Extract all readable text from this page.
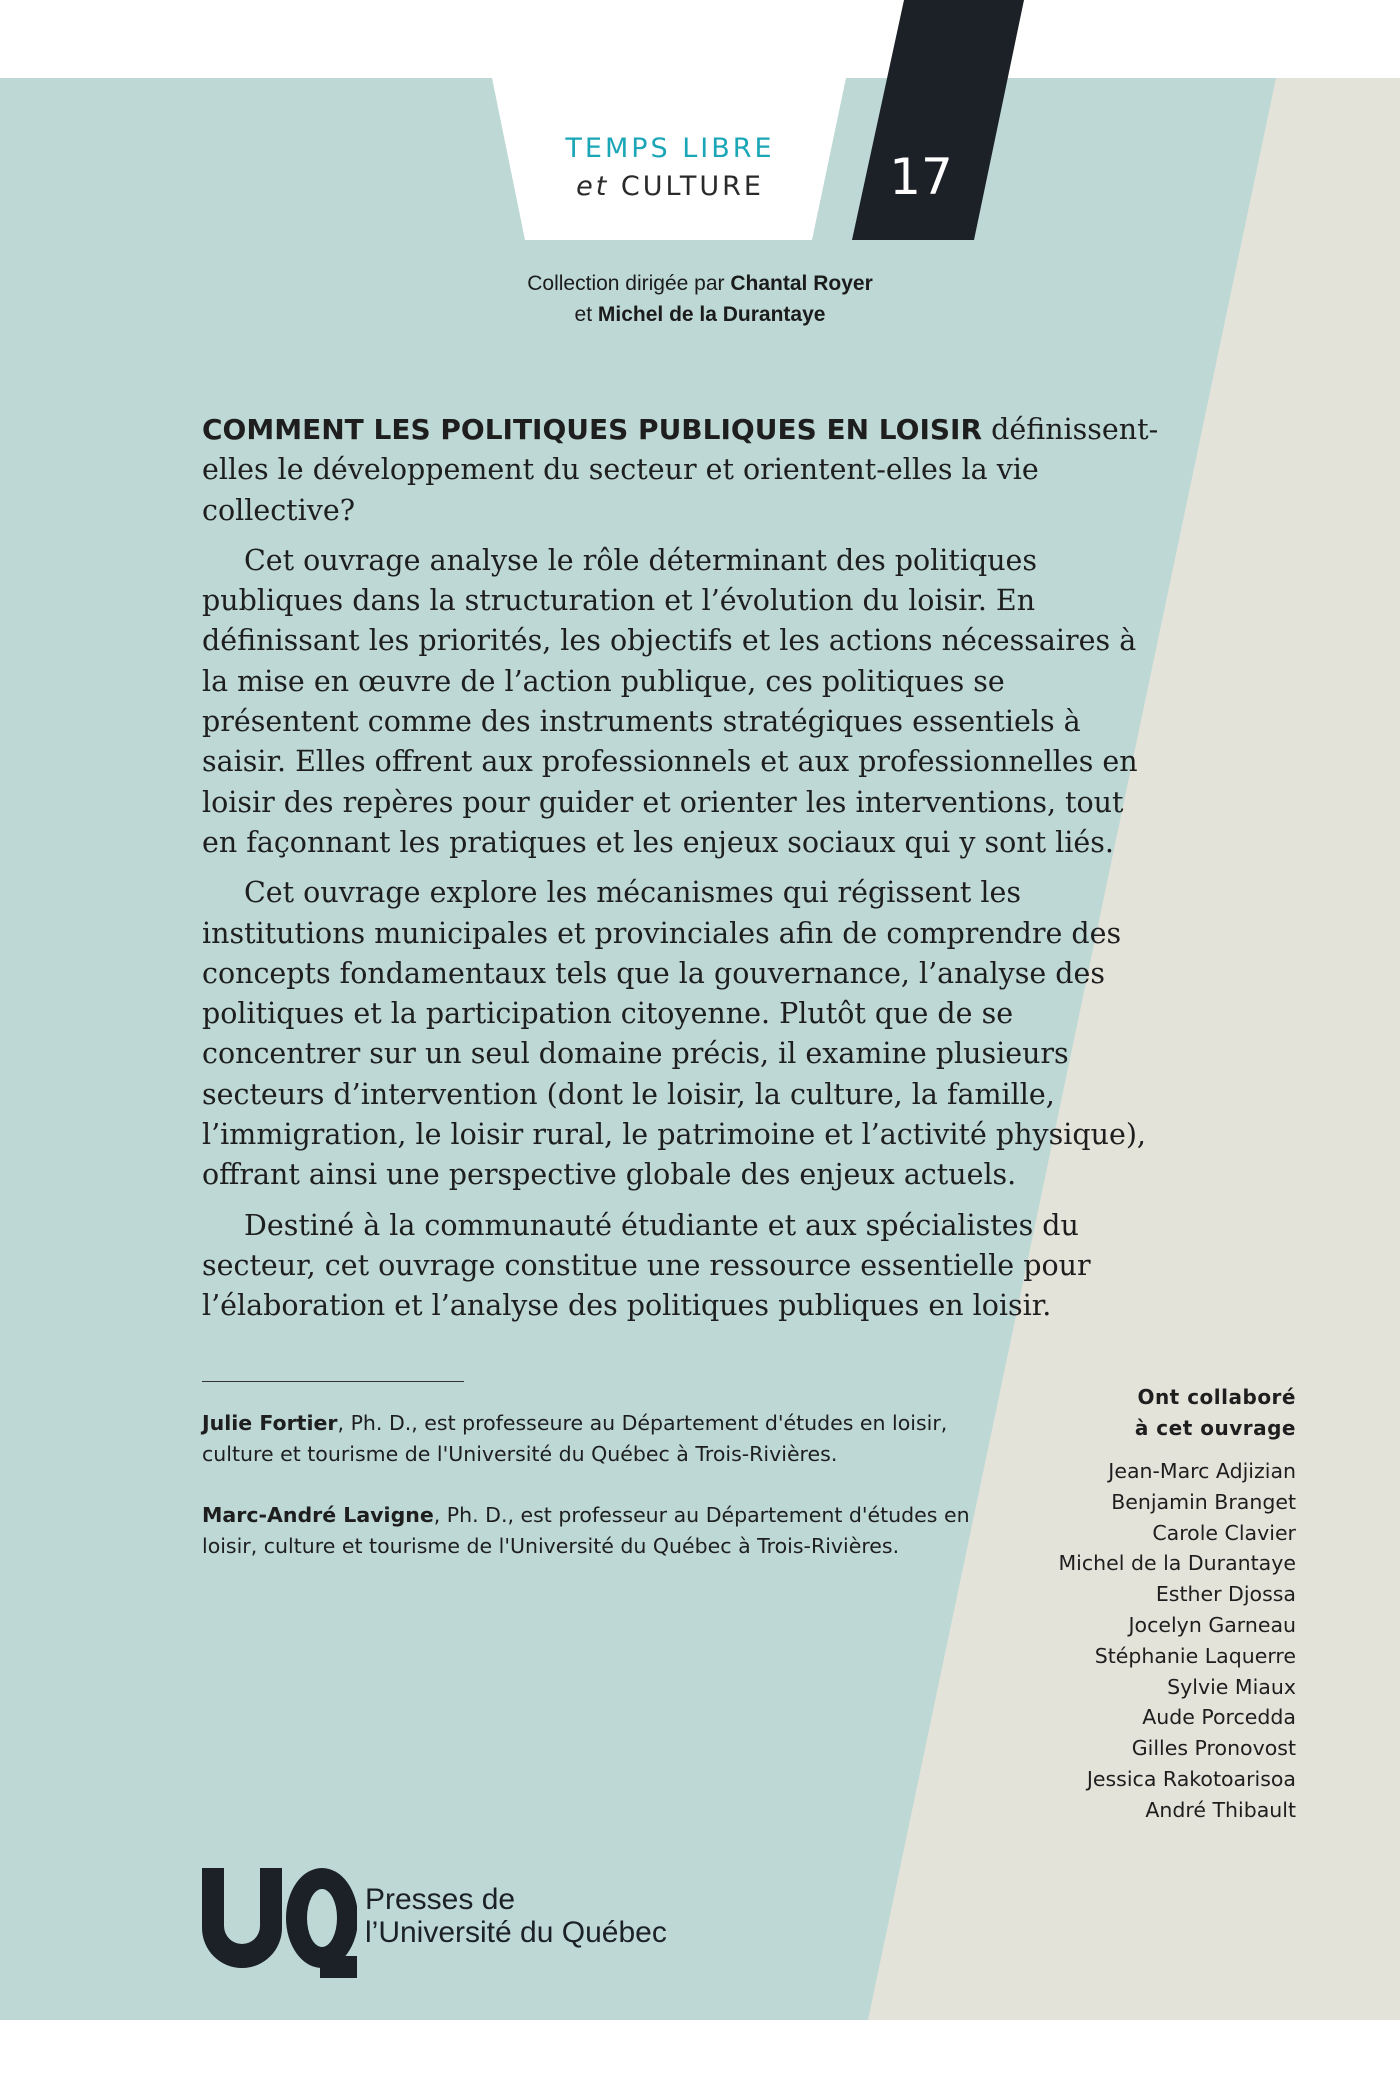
TEMPS LIBRE
et CULTURE	17
Collection dirigée par Chantal Royer
et Michel de la Durantaye

COMMENT LES POLITIQUES PUBLIQUES EN LOISIR définissent-elles le développement du secteur et orientent-elles la vie collective?

Cet ouvrage analyse le rôle déterminant des politiques publiques dans la structuration et l’évolution du loisir. En définissant les priorités, les objectifs et les actions nécessaires à la mise en œuvre de l’action publique, ces politiques se présentent comme des instruments stratégiques essentiels à saisir. Elles offrent aux professionnels et aux professionnelles en loisir des repères pour guider et orienter les interventions, tout en façonnant les pratiques et les enjeux sociaux qui y sont liés.

Cet ouvrage explore les mécanismes qui régissent les institutions municipales et provinciales afin de comprendre des concepts fondamentaux tels que la gouvernance, l’analyse des politiques et la participation citoyenne. Plutôt que de se concentrer sur un seul domaine précis, il examine plusieurs secteurs d’intervention (dont le loisir, la culture, la famille, l’immigration, le loisir rural, le patrimoine et l’activité physique), offrant ainsi une perspective globale des enjeux actuels.

Destiné à la communauté étudiante et aux spécialistes du secteur, cet ouvrage constitue une ressource essentielle pour l’élaboration et l’analyse des politiques publiques en loisir.

Julie Fortier, Ph. D., est professeure au Département d'études en loisir, culture et tourisme de l'Université du Québec à Trois-Rivières.

Marc-André Lavigne, Ph. D., est professeur au Département d'études en loisir, culture et tourisme de l'Université du Québec à Trois-Rivières.

Ont collaboré
à cet ouvrage
Jean-Marc Adjizian
Benjamin Branget
Carole Clavier
Michel de la Durantaye
Esther Djossa
Jocelyn Garneau
Stéphanie Laquerre
Sylvie Miaux
Aude Porcedda
Gilles Pronovost
Jessica Rakotoarisoa
André Thibault
Presses de
l’Université du Québec
